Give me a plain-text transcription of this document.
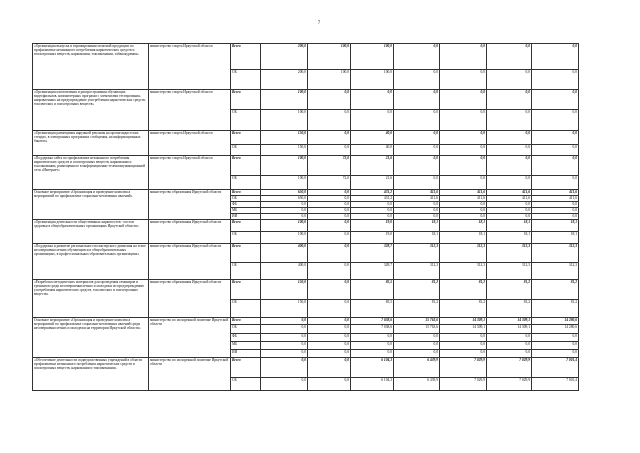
7
«Организация выпуска и тиражирования печатной продукции по профилактике незаконного потребления наркотических средств и психотропных веществ, наркомании, токсикомании, табакокурения»	министерство спорта Иркутской области	Всего	200,0	100,0	100,0	0,0	0,0	0,0	0,0
		ОБ	200,0	100,0	100,0	0,0	0,0	0,0	0,0
«Организация изготовления и распространения обучающих видеофильмов, компьютерных программ с элементами тестирования, направленных на предупреждение употребления наркотических средств, токсических и психотропных веществ»	министерство спорта Иркутской области	Всего	100,0	0,0	0,0	0,0	0,0	0,0	0,0
		ОБ	100,0	0,0	0,0	0,0	0,0	0,0	0,0
«Организация размещения наружной рекламы на пропагандистских стендах, в электронных программах сообщения, на информационных бакатах»	министерство спорта Иркутской области	Всего	150,0	0,0	40,0	0,0	0,0	0,0	0,0
		ОБ	150,0	0,0	40,0	0,0	0,0	0,0	0,0
«Поддержка сайта по профилактике незаконного потребления наркотических средств и психотропных веществ, наркомании и токсикомании, размещенного в информационно-телекоммуникационной сети «Интернет»	министерство спорта Иркутской области	Всего	100,0	72,0	21,6	0,0	0,0	0,0	0,0
		ОБ	100,0	72,0	21,6	0,0	0,0	0,0	0,0
Основное мероприятие «Организация и проведение комплекса мероприятий по профилактике социально-негативных явлений»	министерство образования Иркутской области	Всего	650,0	0,0	431,2	411,6	411,6	411,6	411,6
		ОБ	650,0	0,0	431,2	411,6	411,6	411,6	411,6
		ФБ	0,0	0,0	0,0	0,0	0,0	0,0	0,0
		МБ	0,0	0,0	0,0	0,0	0,0	0,0	0,0
		ИИ	0,0	0,0	0,0	0,0	0,0	0,0	0,0
«Организация деятельности общественных наркопостов - постов здоровья в общеобразовательных организациях Иркутской области»	министерство образования Иркутской области	Всего	100,0	0,0	19,0	18,1	18,1	18,1	18,1
		ОБ	100,0	0,0	19,0	18,1	18,1	18,1	18,1
«Поддержка и развитие регионального волонтерского движения на этапе несовершеннолетних обучающихся в общеобразовательных организациях, в профессиональных образовательных организациях»	министерство образования Иркутской области	Всего	400,0	0,0	328,7	312,3	312,3	312,3	312,3
		ОБ	400,0	0,0	328,7	312,3	312,3	312,3	312,3
«Разработка методических материалов для проведения семинаров и тренингов среди несовершеннолетних и молодежи по предупреждению употребления наркотических средств, токсических и психотропных веществ»	министерство образования Иркутской области	Всего	150,0	0,0	85,5	81,2	81,2	81,2	81,2
		ОБ	150,0	0,0	85,5	81,2	81,2	81,2	81,2
Основное мероприятие «Организация и проведение комплекса мероприятий по профилактике социально-негативных явлений среди несовершеннолетних и молодежи на территории Иркутской области»	министерство по молодежной политике Иркутской области	Всего	0,0	0,0	7 038,6	15 763,6	14 309,1	14 309,1	14 280,6
		ОБ	0,0	0,0	7 038,6	15 763,6	14 309,1	14 309,1	14 280,6
		ФБ	0,0	0,0	0,0	0,0	0,0	0,0	0,0
		МБ	0,0	0,0	0,0	0,0	0,0	0,0	0,0
		ИИ	0,0	0,0	0,0	0,0	0,0	0,0	0,0
«Обеспечение деятельности подведомственных учреждений в области профилактики незаконного потребления наркотических средств и психотропных веществ, наркомании и токсикомании»	министерство по молодежной политике Иркутской области	Всего	0,0	0,0	6 104,3	6 439,9	7 029,9	7 029,9	7 001,4
		ОБ	0,0	0,0	6 104,3	6 439,9	7 029,9	7 029,9	7 001,4
